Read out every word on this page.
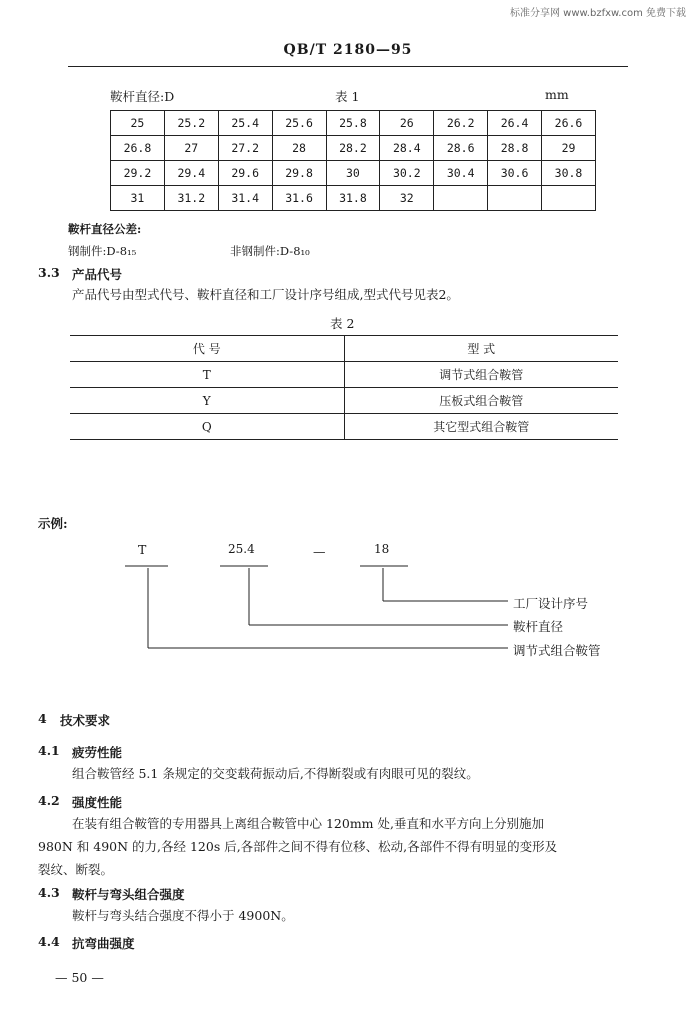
标准分享网 www.bzfxw.com 免费下载
QB/T 2180—95
鞍杆直径:D	表 1	mm
25	25.2	25.4	25.6	25.8	26	26.2	26.4	26.6
26.8	27	27.2	28	28.2	28.4	28.6	28.8	29
29.2	29.4	29.6	29.8	30	30.2	30.4	30.6	30.8
31	31.2	31.4	31.6	31.8	32			
鞍杆直径公差:
钢制件:D-8₁₅	非钢制件:D-8₁₀
3.3 产品代号
产品代号由型式代号、鞍杆直径和工厂设计序号组成,型式代号见表2。
表 2
代 号	型 式
T	调节式组合鞍管
Y	压板式组合鞍管
Q	其它型式组合鞍管
示例:
T	25.4	—	18
工厂设计序号
鞍杆直径
调节式组合鞍管
4 技术要求
4.1 疲劳性能
组合鞍管经 5.1 条规定的交变载荷振动后,不得断裂或有肉眼可见的裂纹。
4.2 强度性能
在装有组合鞍管的专用器具上离组合鞍管中心 120mm 处,垂直和水平方向上分别施加
980N 和 490N 的力,各经 120s 后,各部件之间不得有位移、松动,各部件不得有明显的变形及
裂纹、断裂。
4.3 鞍杆与弯头组合强度
鞍杆与弯头结合强度不得小于 4900N。
4.4 抗弯曲强度
— 50 —
